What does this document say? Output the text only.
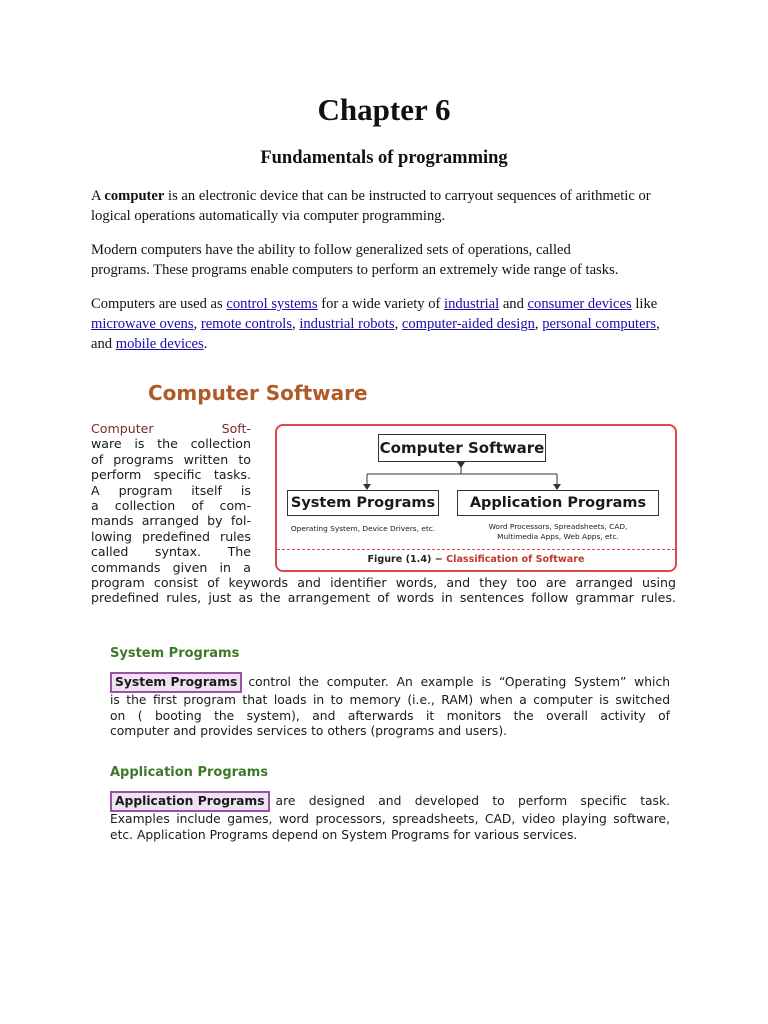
Chapter 6
Fundamentals of programming

A computer is an electronic device that can be instructed to carryout sequences of arithmetic or
logical operations automatically via computer programming.

Modern computers have the ability to follow generalized sets of operations, called
programs. These programs enable computers to perform an extremely wide range of tasks.

Computers are used as control systems for a wide variety of industrial and consumer devices like
microwave ovens, remote controls, industrial robots, computer-aided design, personal computers,
and mobile devices.

Computer Software
Computer Soft-
ware is the collection
of programs written to
perform specific tasks.
A program itself is
a collection of com-
mands arranged by fol-
lowing predefined rules
called syntax. The
commands given in a
program consist of keywords and identifier words, and they too are arranged using
predefined rules, just as the arrangement of words in sentences follow grammar rules.
Computer Software
System Programs	Application Programs
Operating System, Device Drivers, etc.	Word Processors, Spreadsheets, CAD,
Multimedia Apps, Web Apps, etc.
Figure (1.4) − Classification of Software
System Programs
System Programs control the computer. An example is “Operating System” which
is the first program that loads in to memory (i.e., RAM) when a computer is switched
on ( booting the system), and afterwards it monitors the overall activity of
computer and provides services to others (programs and users).
Application Programs
Application Programs are designed and developed to perform specific task.
Examples include games, word processors, spreadsheets, CAD, video playing software,
etc. Application Programs depend on System Programs for various services.
